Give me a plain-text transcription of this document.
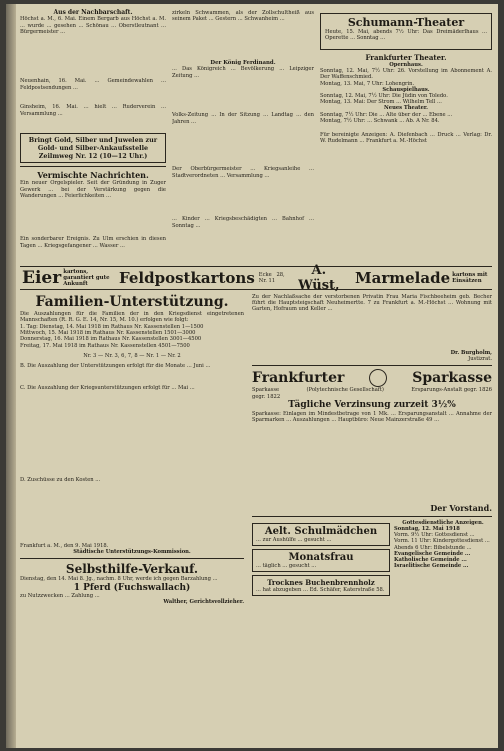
Aus der Nachbarschaft.
Höchst a. M., 6. Mai. Einem Bergarb aus Höchst a. M. ... wurde ... gesehen ... Schönau ... Oberstleutnant ... Bürgermeister ...
Neuenhain, 16. Mai. ... Gemeindewahlen ... Feldpostsendungen ...
Ginsheim, 16. Mai. ... hielt ... Ruderverein ... Versammlung ...
Bringt Gold, Silber und Juwelen zur Gold- und Silber-Ankaufsstelle Zeilmweg Nr. 12 (10—12 Uhr.)
Vermischte Nachrichten.
Ein neuer Orgelspieler. Seit der Gründung in Zuger Gewerk ... bei der Verstärkung gegen die Wanderungen ... Feierlichkeiten ...
Ein sonderbarer Ereignis. Zu Ulm erschien in diesen Tagen ... Kriegsgefangener ... Wasser ...
zirkeln Schwammen, als der Zollschultheiß aus seinem Paket ... Gestern ... Schwanheim ...
Der König Ferdinand.
... Das Königreich ... Bevölkerung ... Leipziger Zeitung ...
Volks-Zeitung ... In der Sitzung ... Landtag ... den Jahren ...
Der Oberbürgermeister ... Kriegsanleihe ... Stadtverordneten ... Versammlung ...
... Kinder ... Kriegsbeschädigten ... Bahnhof ... Sonntag ...
Schumann-Theater
Heute, 15. Mai, abends 7½ Uhr: Das Dreimäderlhaus ... Operette ... Sonntag ...
Frankfurter Theater.
Opernhaus.
Sonntag, 12. Mai, 7½ Uhr: 26. Vorstellung im Abonnement A. Der Waffenschmied.
Montag, 13. Mai, 7 Uhr: Lohengrin.
Schauspielhaus.
Sonntag, 12. Mai, 7½ Uhr: Die Jüdin von Toledo.
Montag, 13. Mai: Der Strom ... Wilhelm Tell ...
Neues Theater.
Sonntag, 7½ Uhr: Die ... Alte über der ... Ebene ...
Montag, 7½ Uhr: ... Schwank ... Ab. A Nr. 84.
Für bereinigte Anzeigen: A. Diefenbach ... Druck ... Verlag: Dr. W. Rudelmann ... Frankfurt a. M.-Höchst
Eier kartons, garantiert gute Ankunft	Feldpostkartons Ecke 28, Nr. 11
A. Wüst,	Marmelade kartons mit Einsätzen
Familien-Unterstützung.
Die Auszahlungen für die Familien der in den Kriegsdienst eingetretenen Mannschaften (R. R. G. E. 14, Nr. 15, M. 10.) erfolgen wie folgt:
1. Tag: Dienstag, 14. Mai 1918 im Rathaus Nr. Kassenstellen 1—1500
Mittwoch, 15. Mai 1918 im Rathaus Nr. Kassenstellen 1501—3000
Donnerstag, 16. Mai 1918 im Rathaus Nr. Kassenstellen 3001—4500
Freitag, 17. Mai 1918 im Rathaus Nr. Kassenstellen 4501—7500
Nr. 3 — Nr. 3, 6, 7, 8 — Nr. 1 — Nr. 2
B. Die Auszahlung der Unterstützungen erfolgt für die Monate ... Juni ...
C. Die Auszahlung der Kriegsunterstützungen erfolgt für ... Mai ...
D. Zuschüsse zu den Kosten ...
Frankfurt a. M., den 9. Mai 1918.
Städtische Unterstützungs-Kommission.
Selbsthilfe-Verkauf.
Dienstag, den 14. Mai 8. Jg., nachm. 8 Uhr, werde ich gegen Barzahlung ...
1 Pferd (Fuchswallach)
zu Nutzzwecken ... Zahlung ...
Walther, Gerichtsvollzieher.
Zu der Nachlaßsache der verstorbenen Privatin Frau Maria Fischbeeheim geb. Becher führt die Hauptsteigschaft Neuheimertte. 7 zu Frankfurt a. M.-Höchst ... Wohnung mit Garten, Hofraum und Keller ...
Dr. Burgholm,
Justizrat.
Frankfurter	Sparkasse
Sparkasse	(Polytechnische Gesellschaft)	Ersparungs-Anstalt gegr. 1826
gegr. 1822
Tägliche Verzinsung zurzeit 3½%
Sparkasse: Einlagen im Mindestbetrage von 1 Mk. ... Ersparungsanstalt ... Annahme der Sparmarken ... Auszahlungen ... Hauptbüro: Neue Mainzerstraße 49 ...
Der Vorstand.
Aelt. Schulmädchen
... zur Aushülfe ... gesucht ...
Monatsfrau
... täglich ... gesucht ...
Trocknes Buchenbrennholz
... hat abzugeben ... Ed. Schäfer, Katerstraße 58.
Gottesdienstliche Anzeigen.
Sonntag, 12. Mai 1918
Vorm. 9½ Uhr: Gottesdienst ...
Vorm. 11 Uhr: Kindergottesdienst ...
Abends 6 Uhr: Bibelstunde ...
Evangelische Gemeinde ...
Katholische Gemeinde ...
Israelitische Gemeinde ...
